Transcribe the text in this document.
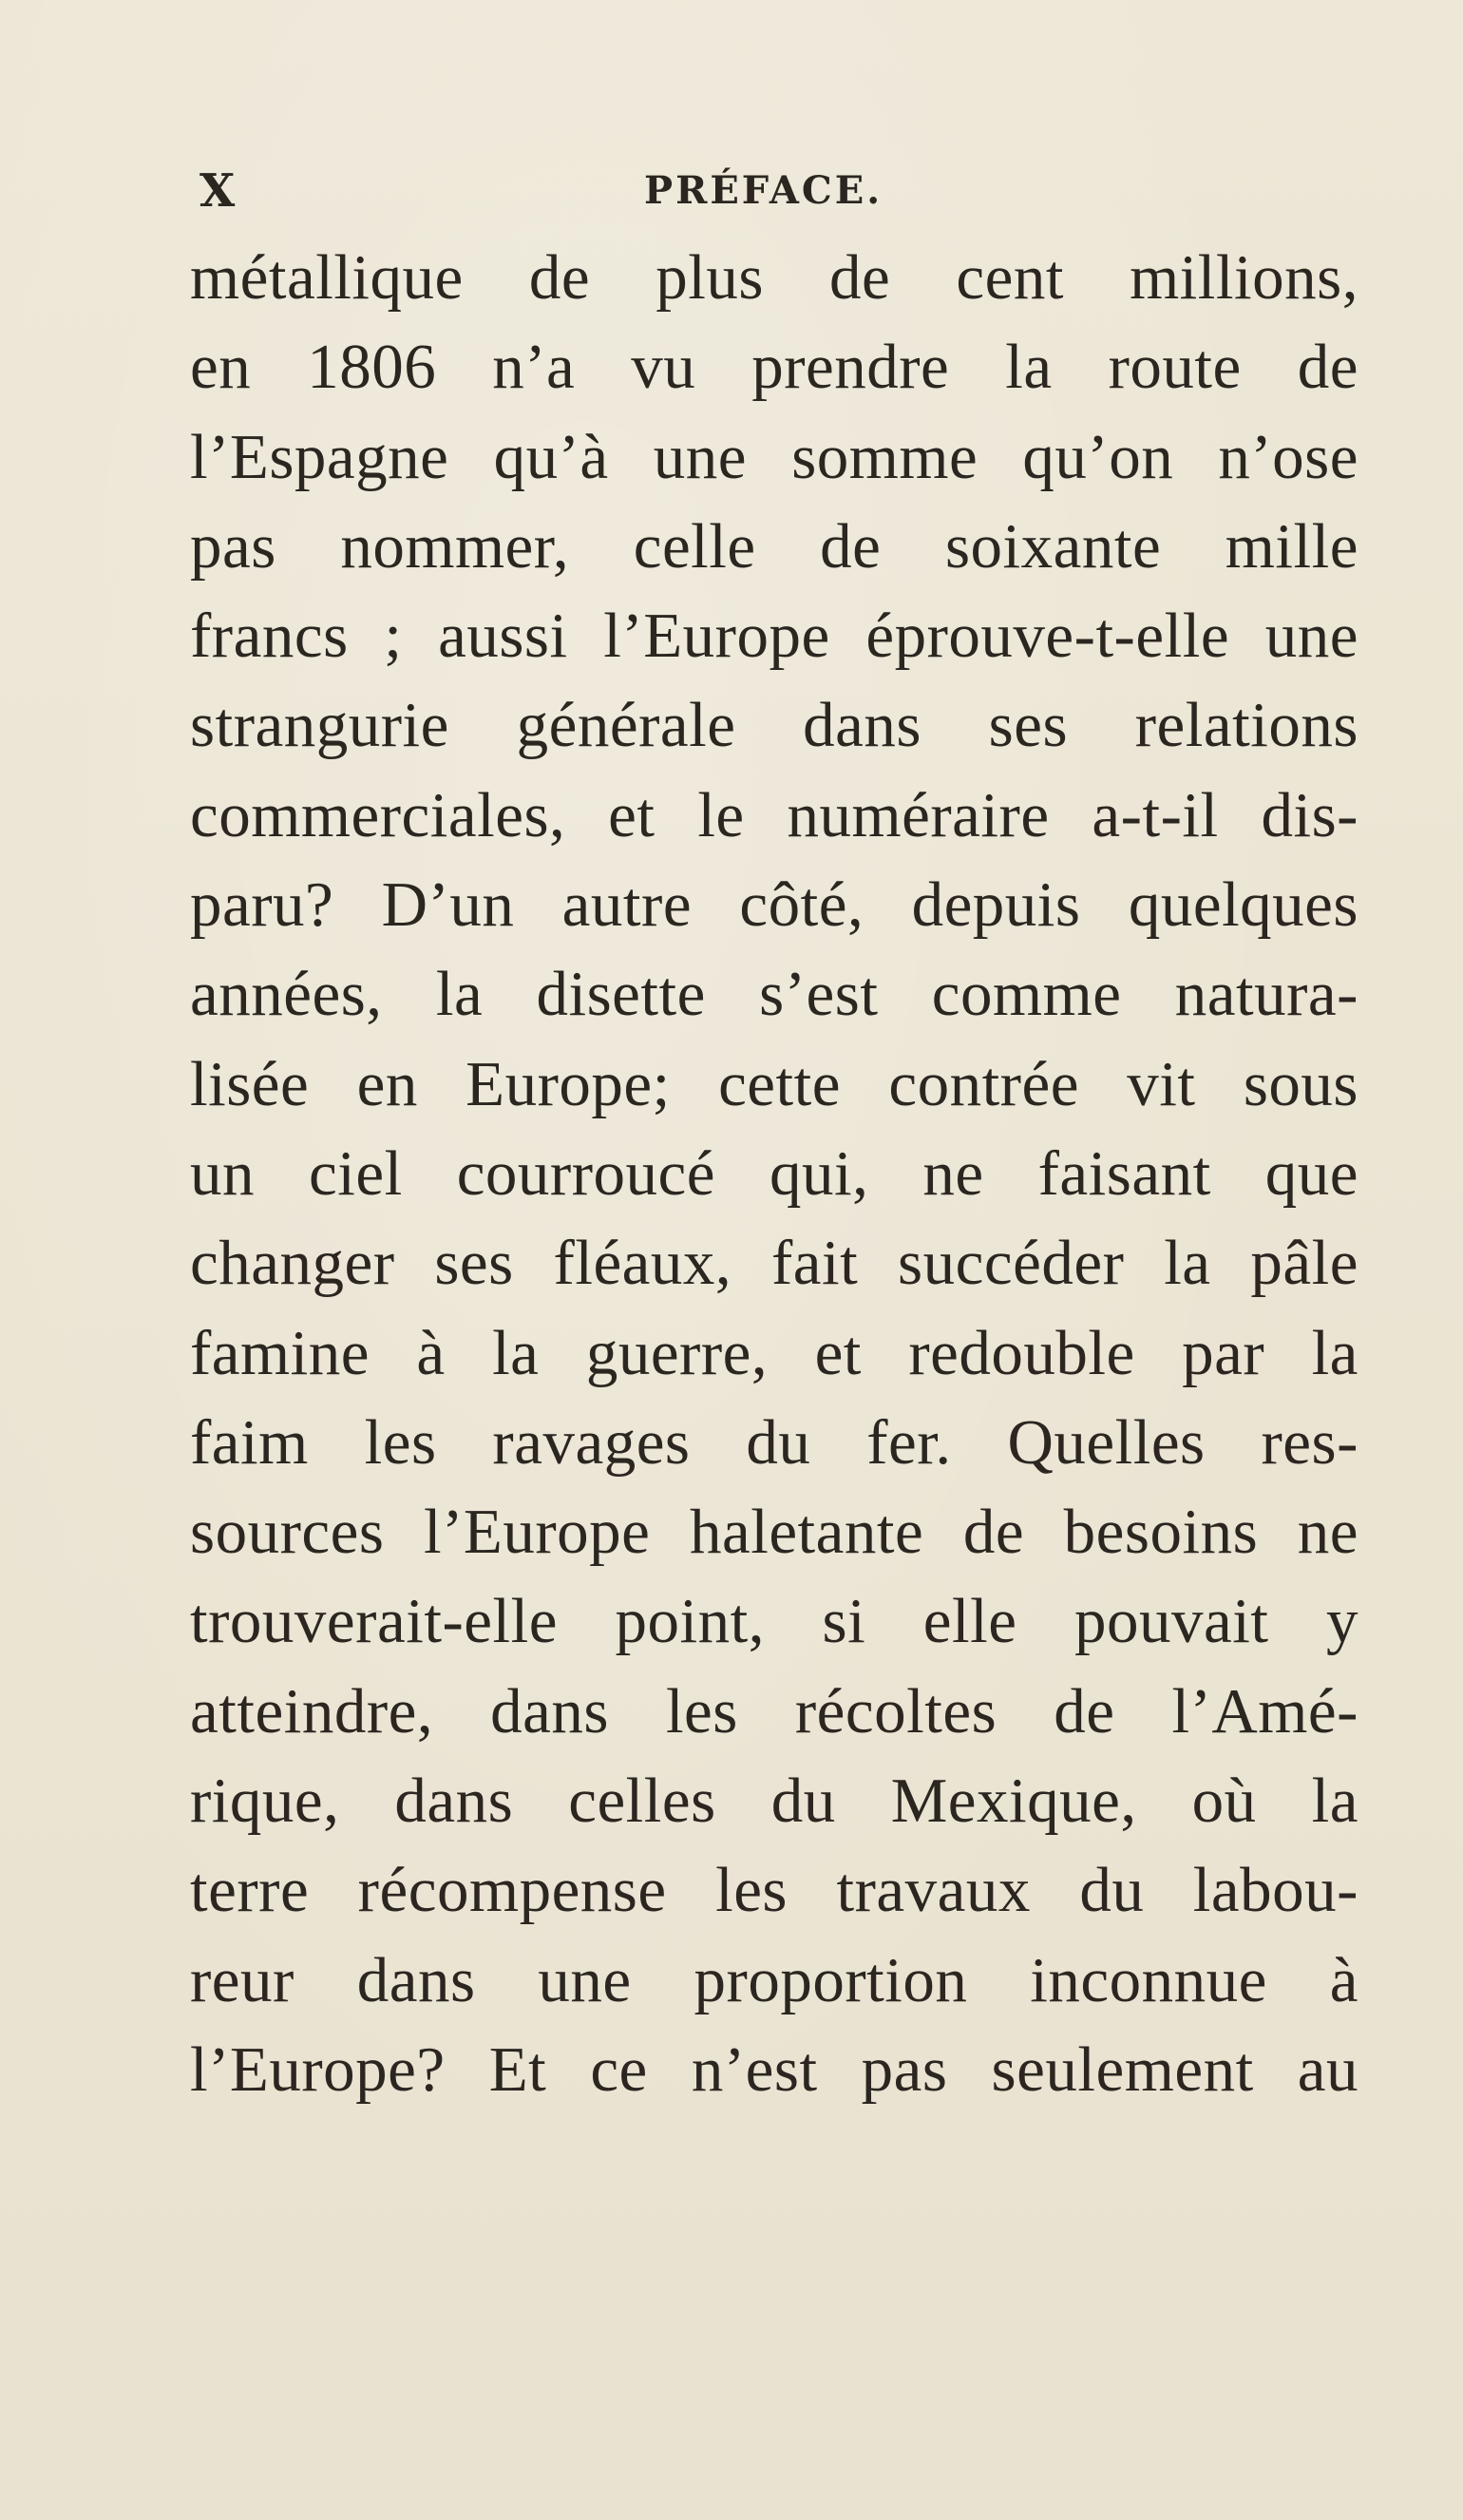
X	PRÉFACE.
métallique de plus de cent millions,
en 1806 n’a vu prendre la route de
l’Espagne qu’à une somme qu’on n’ose
pas nommer, celle de soixante mille
francs ; aussi l’Europe éprouve-t-elle une
strangurie générale dans ses relations
commerciales, et le numéraire a-t-il dis-
paru? D’un autre côté, depuis quelques
années, la disette s’est comme natura-
lisée en Europe; cette contrée vit sous
un ciel courroucé qui, ne faisant que
changer ses fléaux, fait succéder la pâle
famine à la guerre, et redouble par la
faim les ravages du fer. Quelles res-
sources l’Europe haletante de besoins ne
trouverait-elle point, si elle pouvait y
atteindre, dans les récoltes de l’Amé-
rique, dans celles du Mexique, où la
terre récompense les travaux du labou-
reur dans une proportion inconnue à
l’Europe? Et ce n’est pas seulement au
